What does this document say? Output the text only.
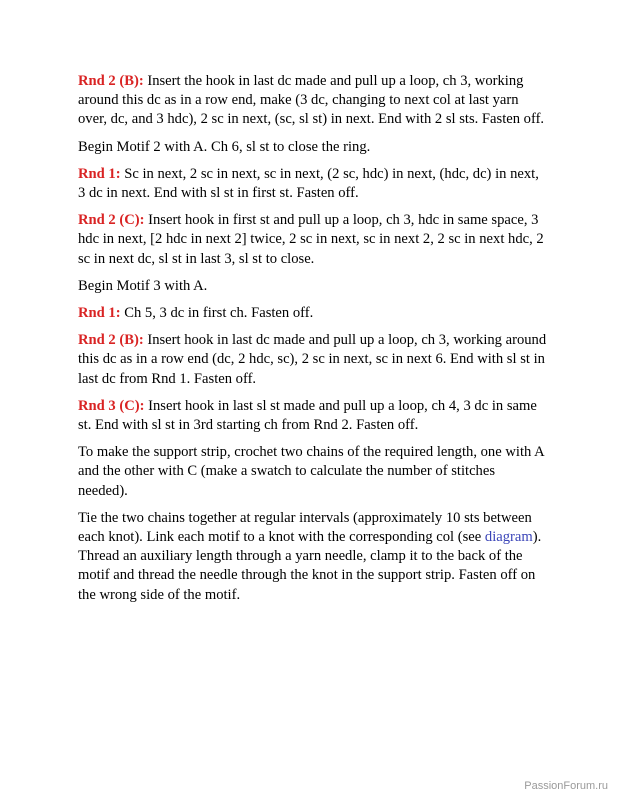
Rnd 2 (B): Insert the hook in last dc made and pull up a loop, ch 3, working around this dc as in a row end, make (3 dc, changing to next col at last yarn over, dc, and 3 hdc), 2 sc in next, (sc, sl st) in next. End with 2 sl sts. Fasten off.

Begin Motif 2 with A. Ch 6, sl st to close the ring.

Rnd 1: Sc in next, 2 sc in next, sc in next, (2 sc, hdc) in next, (hdc, dc) in next, 3 dc in next. End with sl st in first st. Fasten off.

Rnd 2 (C): Insert hook in first st and pull up a loop, ch 3, hdc in same space, 3 hdc in next, [2 hdc in next 2] twice, 2 sc in next, sc in next 2, 2 sc in next hdc, 2 sc in next dc, sl st in last 3, sl st to close.

Begin Motif 3 with A.

Rnd 1: Ch 5, 3 dc in first ch. Fasten off.

Rnd 2 (B): Insert hook in last dc made and pull up a loop, ch 3, working around this dc as in a row end (dc, 2 hdc, sc), 2 sc in next, sc in next 6. End with sl st in last dc from Rnd 1. Fasten off.

Rnd 3 (C): Insert hook in last sl st made and pull up a loop, ch 4, 3 dc in same st. End with sl st in 3rd starting ch from Rnd 2. Fasten off.

To make the support strip, crochet two chains of the required length, one with A and the other with C (make a swatch to calculate the number of stitches needed).

Tie the two chains together at regular intervals (approximately 10 sts between each knot). Link each motif to a knot with the corresponding col (see diagram). Thread an auxiliary length through a yarn needle, clamp it to the back of the motif and thread the needle through the knot in the support strip. Fasten off on the wrong side of the motif.

PassionForum.ru
